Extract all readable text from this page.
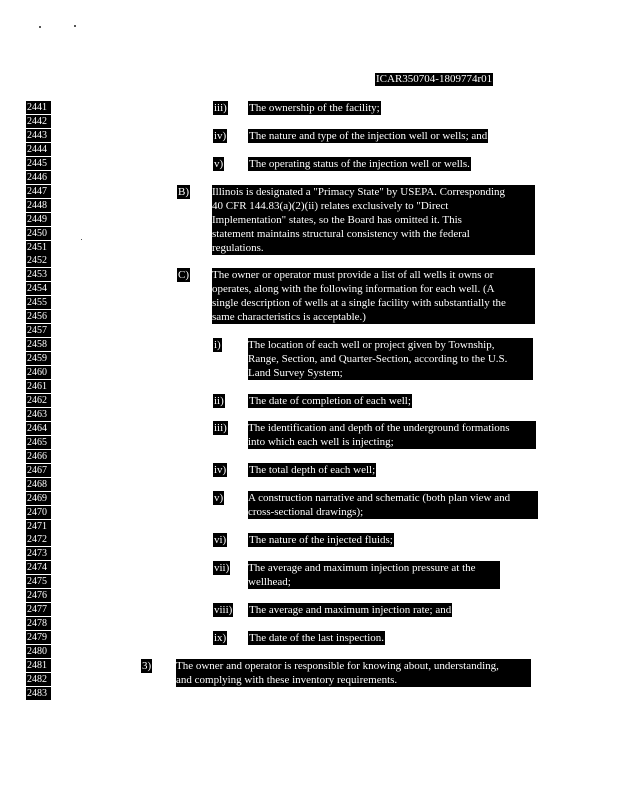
ICAR350704-1809774r01
2441
2442
2443
2444
2445
2446
2447
2448
2449
2450
2451
2452
2453
2454
2455
2456
2457
2458
2459
2460
2461
2462
2463
2464
2465
2466
2467
2468
2469
2470
2471
2472
2473
2474
2475
2476
2477
2478
2479
2480
2481
2482
2483
iii) The ownership of the facility;
iv) The nature and type of the injection well or wells; and
v) The operating status of the injection well or wells.
B) Illinois is designated a "Primacy State" by USEPA. Corresponding
40 CFR 144.83(a)(2)(ii) relates exclusively to "Direct
Implementation" states, so the Board has omitted it. This
statement maintains structural consistency with the federal
regulations.
C) The owner or operator must provide a list of all wells it owns or
operates, along with the following information for each well. (A
single description of wells at a single facility with substantially the
same characteristics is acceptable.)
i) The location of each well or project given by Township,
Range, Section, and Quarter-Section, according to the U.S.
Land Survey System;
ii) The date of completion of each well;
iii) The identification and depth of the underground formations
into which each well is injecting;
iv) The total depth of each well;
v) A construction narrative and schematic (both plan view and
cross-sectional drawings);
vi) The nature of the injected fluids;
vii) The average and maximum injection pressure at the
wellhead;
viii) The average and maximum injection rate; and
ix) The date of the last inspection.
3) The owner and operator is responsible for knowing about, understanding,
and complying with these inventory requirements.
